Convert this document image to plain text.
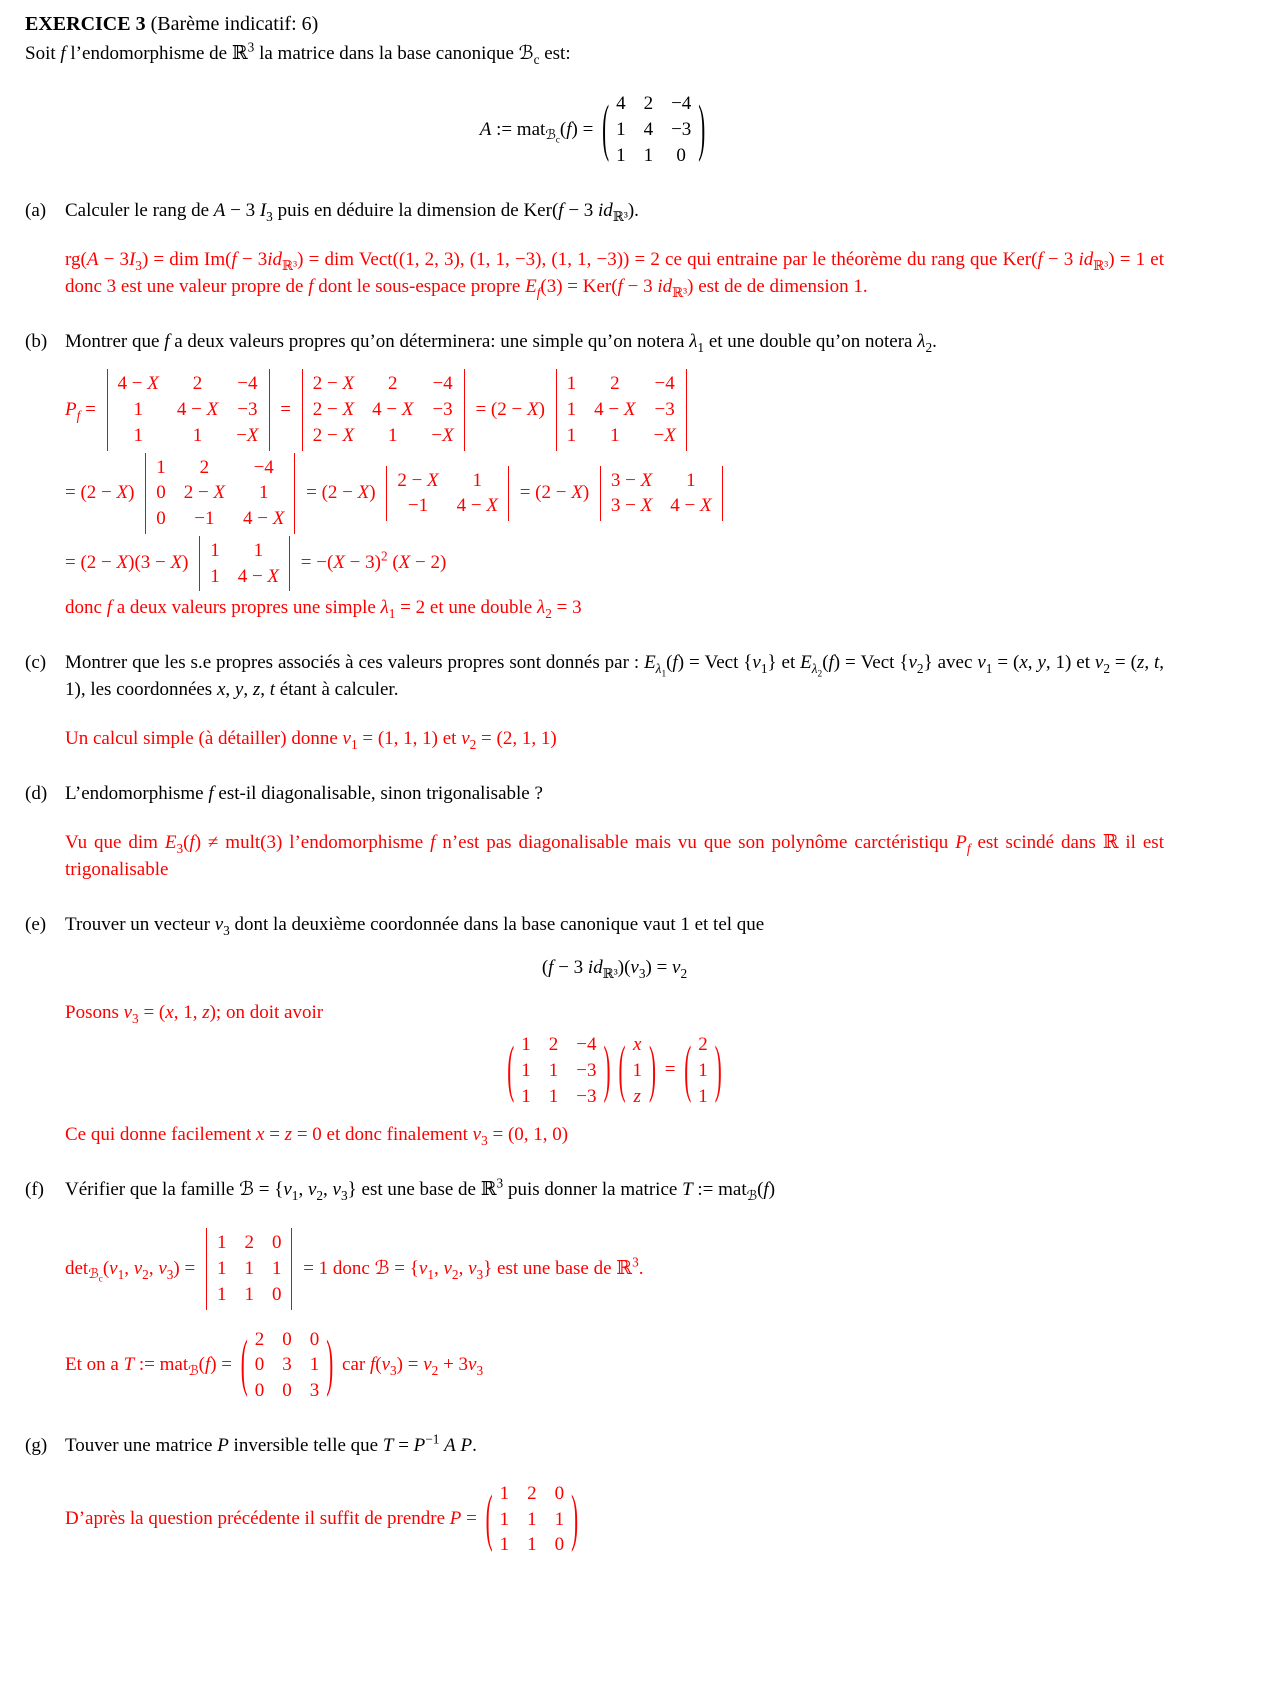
EXERCICE 3 (Barème indicatif: 6)

Soit f l’endomorphisme de ℝ$^3$ la matrice dans la base canonique ℬ$_c$ est:

A := mat$_{ℬ_c}$(f) = ( 4 2 −4
1 4 −3
1 1 0 )
(a) Calculer le rang de A − 3 $I_3$ puis en déduire la dimension de Ker(f − 3 $id_{ℝ^3}$).

$rg(A - 3I_3)$ = dim $Im(f - 3id_{ℝ^3})$ = dim Vect((1, 2, 3), (1, 1, −3), (1, 1, −3)) = 2 ce qui entraine par le théorème du rang que Ker(f − 3 $id_{ℝ^3}) = 1$ et donc 3 est une valeur propre de f dont le sous-espace propre $E_f(3) = Ker(f - 3$ $id_{ℝ^3}$) est de de dimension 1.

(b) Montrer que f a deux valeurs propres qu’on déterminera: une simple qu’on notera $\lambda_1$ et une double qu’on notera $\lambda_2$.

$P_f$ =
4 − X 2 −4
1 4 − X −3
1	1 −X
=
2 − X 2 −4
2 − X 4 − X −3
2 − X 1 −X
= (2 − X)
1 2 −4
1 4 − X −3
1 1 −X
= (2 − X)
1 2 −4
0 2 − X 1
0 −1 4 − X
= (2 − X)
2 − X 1
−1 4 − X
= (2 − X)
3 − X 1
3 − X 4 − X
= (2 − X)(3 − X)
1 1
1 4 − X
= $-(X - 3)^2$ (X − 2)

donc f a deux valeurs propres une simple $\lambda_1 = 2$ et une double $\lambda_2 = 3$

(c) Montrer que les s.e propres associés à ces valeurs propres sont donnés par : $E_{\lambda_1}(f)$ = Vect $\{v_1\}$ et $E_{\lambda_2}(f)$ = Vect $\{v_2\}$ avec $v_1 = (x$, y, 1) et $v_2 = (z$, t, 1), les coordonnées x, y, z, t étant à calculer.

Un calcul simple (à détailler) donne $v_1 = (1$, 1, 1) et $v_2 = (2$, 1, 1)

(d) L’endomorphisme f est-il diagonalisable, sinon trigonalisable ?

Vu que dim $E_3(f)$ ≠ mult(3) l’endomorphisme f n’est pas diagonalisable mais vu que son polynôme carctéristiqu $P_f$ est scindé dans ℝ il est trigonalisable

(e) Trouver un vecteur $v_3$ dont la deuxième coordonnée dans la base canonique vaut 1 et tel que

(f − 3 $id_{ℝ^3})(v_3) = v_2$

Posons $v_3 = (x$, 1, z); on doit avoir

( 1 2 −4
1 1 −3
1 1 −3 ) ( x
1
z ) = ( 2
1
1 )

Ce qui donne facilement x = z = 0 et donc finalement $v_3 = (0$, 1, 0)

(f)	Vérifier que la famille ℬ = {$v_1$, $v_2$, $v_3$} est une base de ℝ$^3$ puis donner la matrice T := mat$_ℬ$(f)

$\det_{ℬ_c}(v_1$, $v_2$, $v_3$) =
1 2 0
1 1 1
1 1 0
= 1 donc ℬ = {$v_1$, $v_2$, $v_3$} est une base de ℝ$^3$.
Et on a T := mat$_ℬ$(f) = ( 2 0 0
0 3 1
0 0 3 ) car $f(v_3) = v_2 + 3v_3$
(g) Touver une matrice P inversible telle que $T = P^{-1}$ A P.

D’après la question précédente il suffit de prendre P = ( 1 2 0
1 1 1
1 1 0 )
